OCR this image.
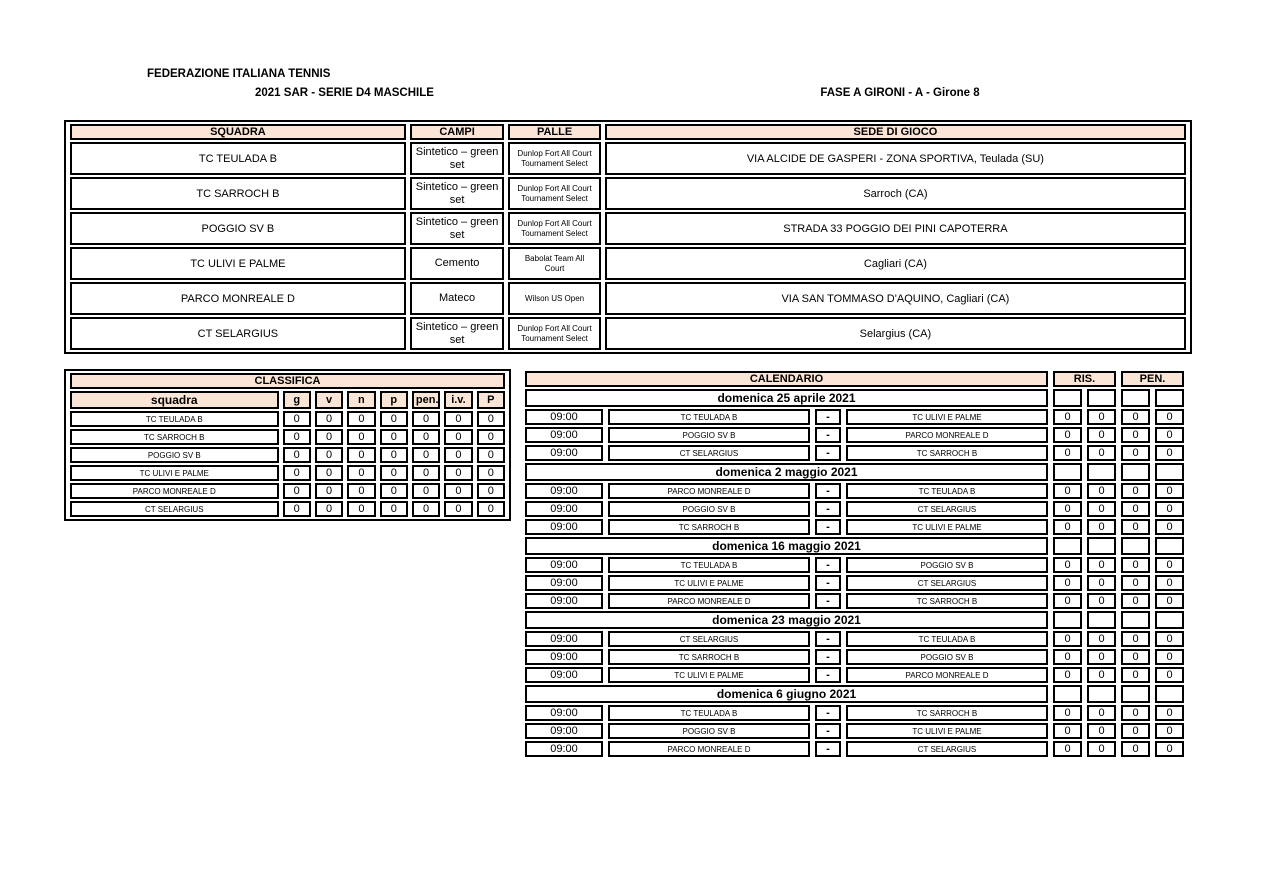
FEDERAZIONE ITALIANA TENNIS
2021 SAR - SERIE D4 MASCHILE	FASE A GIRONI - A - Girone 8
SQUADRA	CAMPI	PALLE	SEDE DI GIOCO
TC TEULADA B	Sintetico – green set	Dunlop Fort All Court Tournament Select	VIA ALCIDE DE GASPERI - ZONA SPORTIVA, Teulada (SU)
TC SARROCH B	Sintetico – green set	Dunlop Fort All Court Tournament Select	Sarroch (CA)
POGGIO SV B	Sintetico – green set	Dunlop Fort All Court Tournament Select	STRADA 33 POGGIO DEI PINI CAPOTERRA
TC ULIVI E PALME	Cemento	Babolat Team All Court	Cagliari (CA)
PARCO MONREALE D	Mateco	Wilson US Open	VIA SAN TOMMASO D'AQUINO, Cagliari (CA)
CT SELARGIUS	Sintetico – green set	Dunlop Fort All Court Tournament Select	Selargius (CA)
CLASSIFICA							
squadra	g	v	n	p	pen.	i.v.	P
TC TEULADA B	0	0	0	0	0	0	0
TC SARROCH B	0	0	0	0	0	0	0
POGGIO SV B	0	0	0	0	0	0	0
TC ULIVI E PALME	0	0	0	0	0	0	0
PARCO MONREALE D	0	0	0	0	0	0	0
CT SELARGIUS	0	0	0	0	0	0	0
CALENDARIO				RIS.		PEN.	
domenica 25 aprile 2021							
09:00	TC TEULADA B	-	TC ULIVI E PALME	0	0	0	0
09:00	POGGIO SV B	-	PARCO MONREALE D	0	0	0	0
09:00	CT SELARGIUS	-	TC SARROCH B	0	0	0	0
domenica 2 maggio 2021							
09:00	PARCO MONREALE D	-	TC TEULADA B	0	0	0	0
09:00	POGGIO SV B	-	CT SELARGIUS	0	0	0	0
09:00	TC SARROCH B	-	TC ULIVI E PALME	0	0	0	0
domenica 16 maggio 2021							
09:00	TC TEULADA B	-	POGGIO SV B	0	0	0	0
09:00	TC ULIVI E PALME	-	CT SELARGIUS	0	0	0	0
09:00	PARCO MONREALE D	-	TC SARROCH B	0	0	0	0
domenica 23 maggio 2021							
09:00	CT SELARGIUS	-	TC TEULADA B	0	0	0	0
09:00	TC SARROCH B	-	POGGIO SV B	0	0	0	0
09:00	TC ULIVI E PALME	-	PARCO MONREALE D	0	0	0	0
domenica 6 giugno 2021							
09:00	TC TEULADA B	-	TC SARROCH B	0	0	0	0
09:00	POGGIO SV B	-	TC ULIVI E PALME	0	0	0	0
09:00	PARCO MONREALE D	-	CT SELARGIUS	0	0	0	0
